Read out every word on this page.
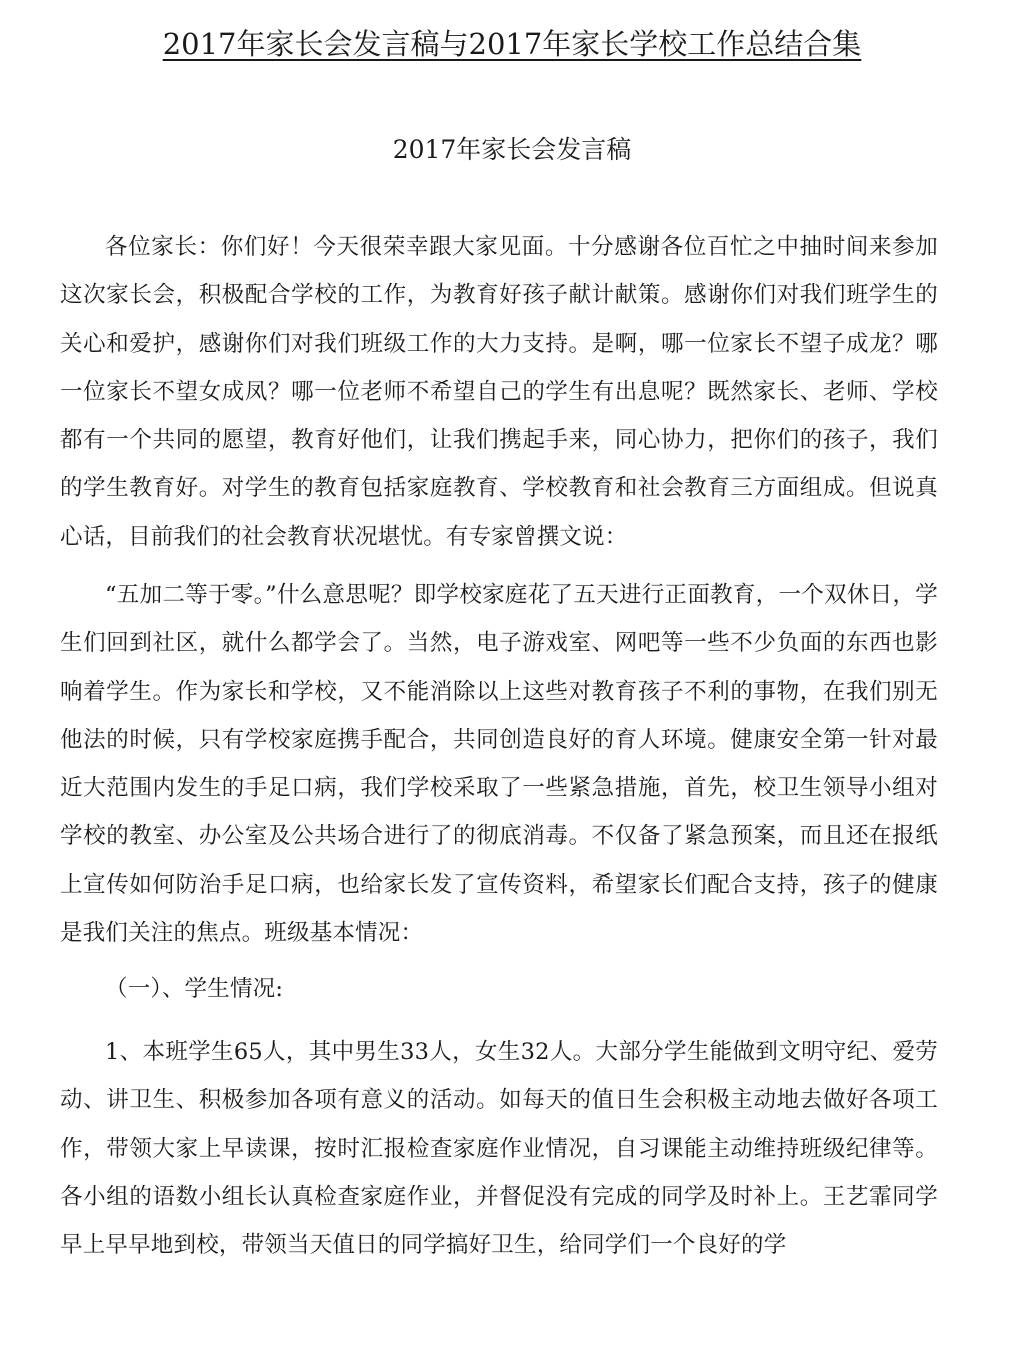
2017年家长会发言稿与2017年家长学校工作总结合集
2017年家长会发言稿

各位家长：你们好！今天很荣幸跟大家见面。十分感谢各位百忙之中抽时间来参加这次家长会，积极配合学校的工作，为教育好孩子献计献策。感谢你们对我们班学生的关心和爱护，感谢你们对我们班级工作的大力支持。是啊，哪一位家长不望子成龙？哪一位家长不望女成凤？哪一位老师不希望自己的学生有出息呢？既然家长、老师、学校都有一个共同的愿望，教育好他们，让我们携起手来，同心协力，把你们的孩子，我们的学生教育好。对学生的教育包括家庭教育、学校教育和社会教育三方面组成。但说真心话，目前我们的社会教育状况堪忧。有专家曾撰文说：

“五加二等于零。”什么意思呢？即学校家庭花了五天进行正面教育，一个双休日，学生们回到社区，就什么都学会了。当然，电子游戏室、网吧等一些不少负面的东西也影响着学生。作为家长和学校，又不能消除以上这些对教育孩子不利的事物，在我们别无他法的时候，只有学校家庭携手配合，共同创造良好的育人环境。健康安全第一针对最近大范围内发生的手足口病，我们学校采取了一些紧急措施，首先，校卫生领导小组对学校的教室、办公室及公共场合进行了的彻底消毒。不仅备了紧急预案，而且还在报纸上宣传如何防治手足口病，也给家长发了宣传资料，希望家长们配合支持，孩子的健康是我们关注的焦点。班级基本情况：

（一）、学生情况:

1、本班学生65人，其中男生33人，女生32人。大部分学生能做到文明守纪、爱劳动、讲卫生、积极参加各项有意义的活动。如每天的值日生会积极主动地去做好各项工作，带领大家上早读课，按时汇报检查家庭作业情况，自习课能主动维持班级纪律等。各小组的语数小组长认真检查家庭作业，并督促没有完成的同学及时补上。王艺霏同学早上早早地到校，带领当天值日的同学搞好卫生，给同学们一个良好的学
